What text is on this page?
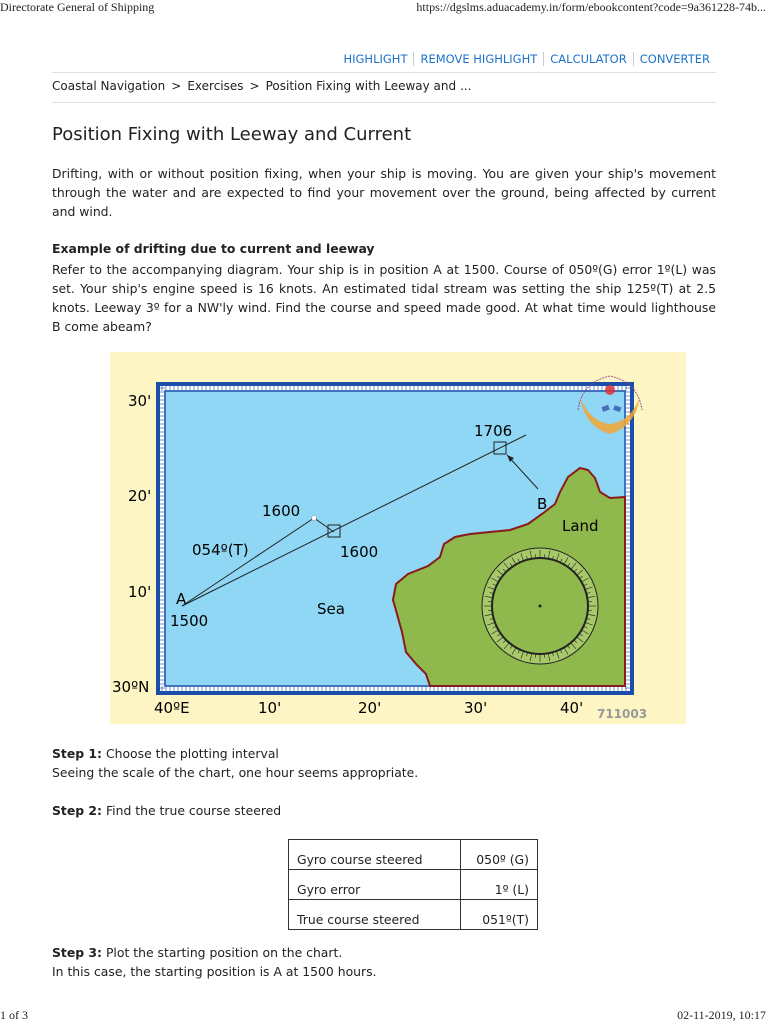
Directorate General of Shipping	https://dgslms.aduacademy.in/form/ebookcontent?code=9a361228-74b...
HIGHLIGHT	REMOVE HIGHLIGHT	CALCULATOR	CONVERTER
Coastal Navigation > Exercises > Position Fixing with Leeway and ...
Position Fixing with Leeway and Current

Drifting, with or without position fixing, when your ship is moving. You are given your ship's movement through the water and are expected to find your movement over the ground, being affected by current and wind.

Example of drifting due to current and leeway

Refer to the accompanying diagram. Your ship is in position A at 1500. Course of 050º(G) error 1º(L) was set. Your ship's engine speed is 16 knots. An estimated tidal stream was setting the ship 125º(T) at 2.5 knots. Leeway 3º for a NW'ly wind. Find the course and speed made good. At what time would lighthouse B come abeam?

30'
20'
10'
30ºN
40ºE	10'	20'	30'	40'
A
1500
1600
1600
054º(T)
1706
B
Land
Sea
711003

Step 1: Choose the plotting interval

Seeing the scale of the chart, one hour seems appropriate.

Step 2: Find the true course steered

Gyro course steered	050º (G)
Gyro error	1º (L)
True course steered	051º(T)

Step 3: Plot the starting position on the chart.

In this case, the starting position is A at 1500 hours.

1 of 3	02-11-2019, 10:17
